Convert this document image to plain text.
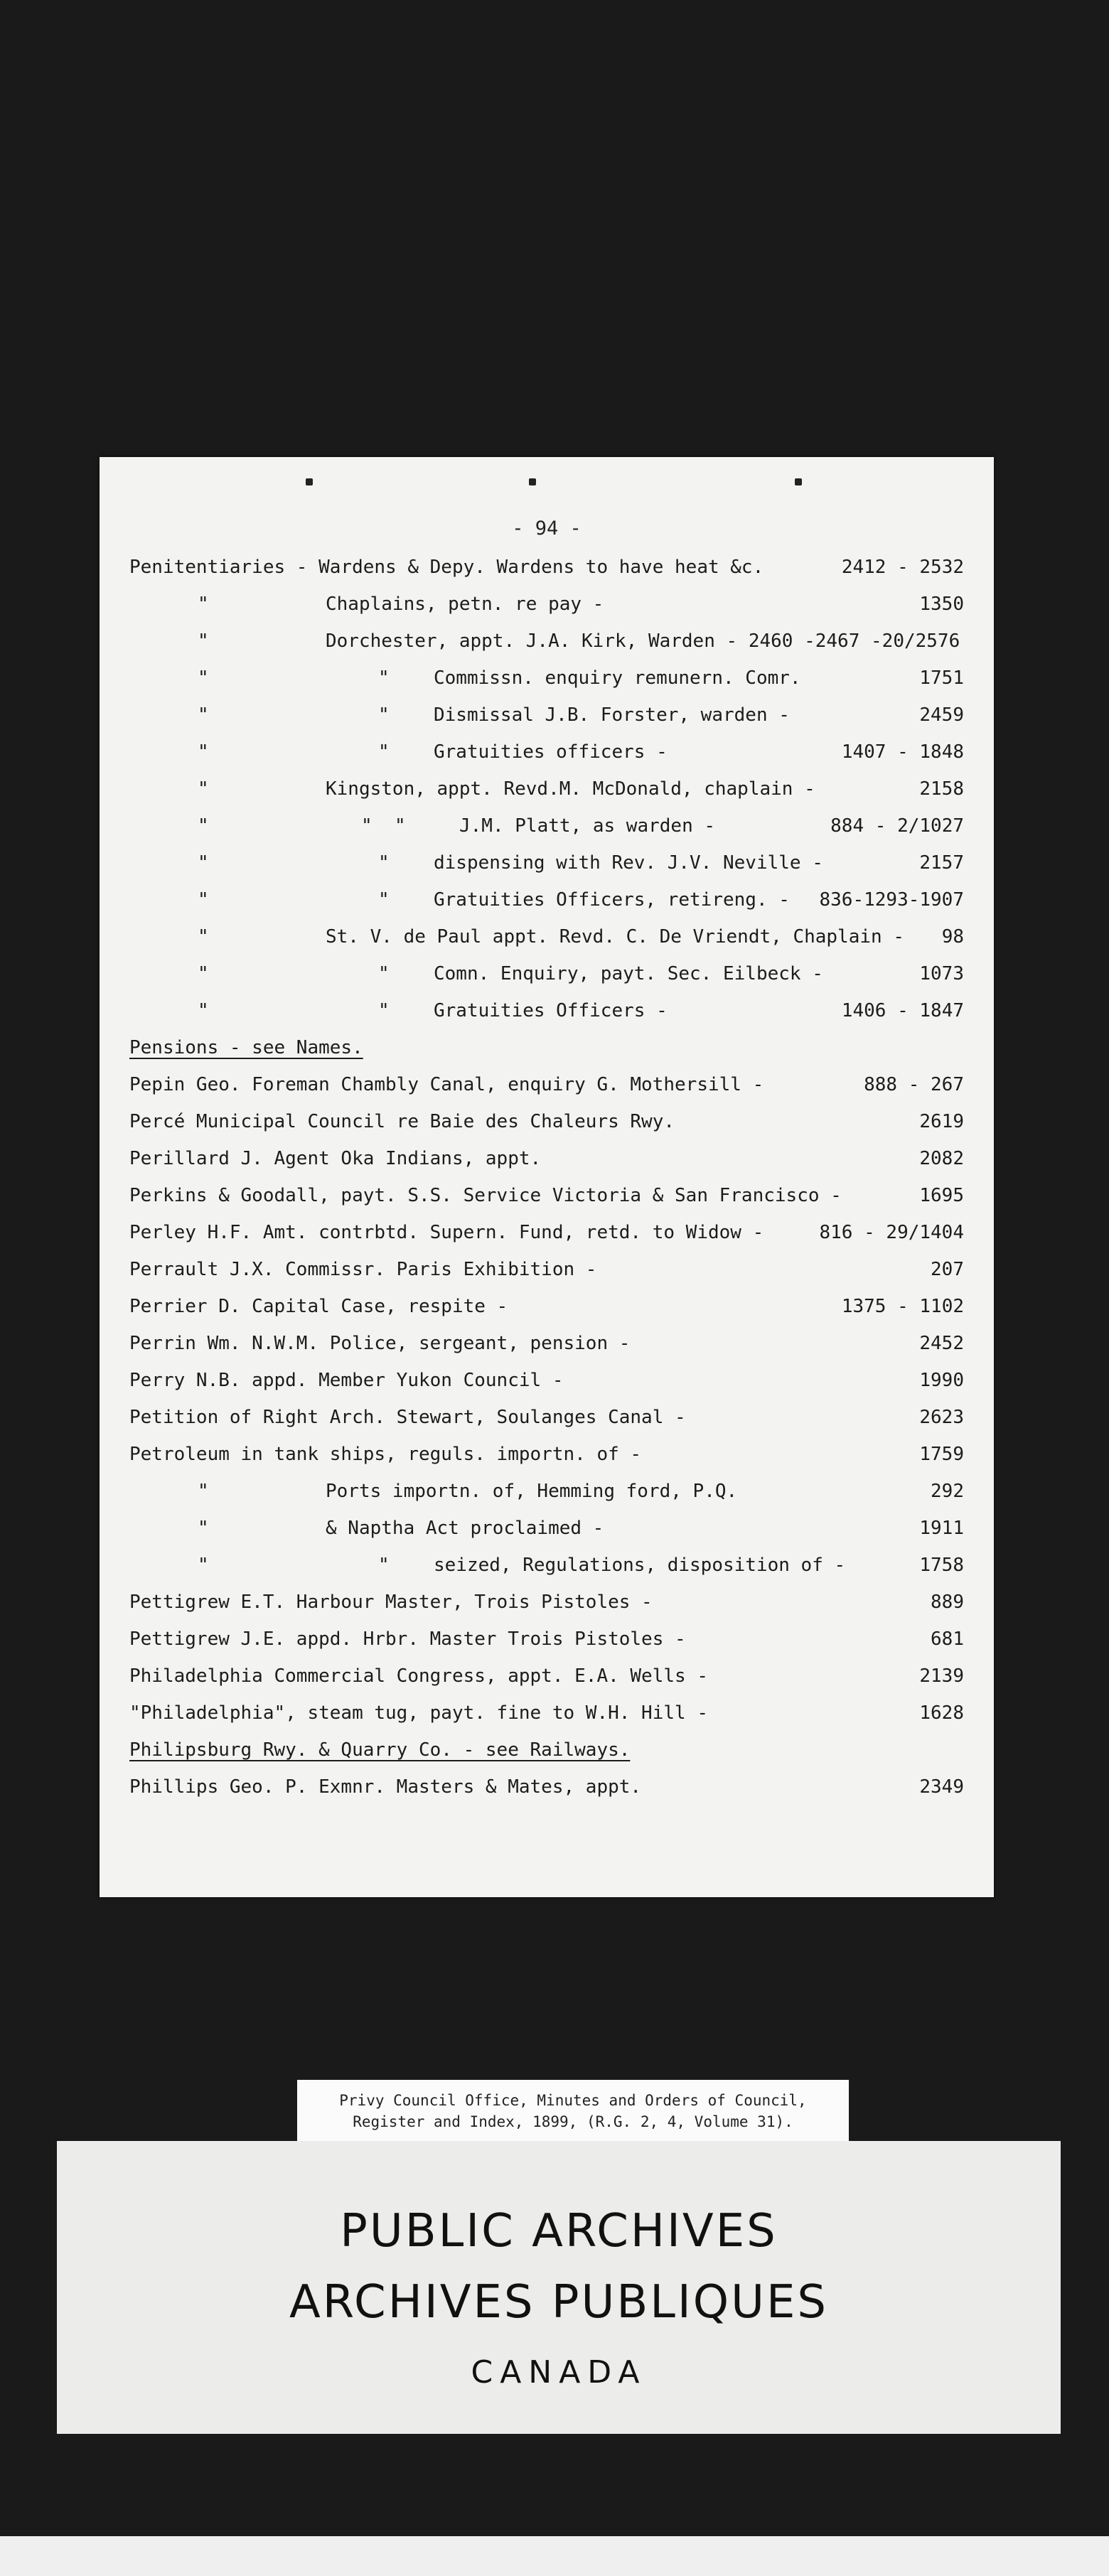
- 94 -
Penitentiaries - Wardens & Depy. Wardens to have heat &c.	2412 - 2532
"	Chaplains, petn. re pay -	1350
"	Dorchester, appt. J.A. Kirk, Warden - 2460 -2467 -20/2576
"	" Commissn. enquiry remunern. Comr.	1751
"	" Dismissal J.B. Forster, warden -	2459
"	" Gratuities officers -	1407 - 1848
"	Kingston, appt. Revd.M. McDonald, chaplain -	2158
"	"  "	J.M. Platt, as warden -	884 - 2/1027
"	" dispensing with Rev. J.V. Neville -	2157
"	" Gratuities Officers, retireng. - 836-1293-1907
"	St. V. de Paul appt. Revd. C. De Vriendt, Chaplain - 98
"	" Comn. Enquiry, payt. Sec. Eilbeck -	1073
"	" Gratuities Officers -	1406 - 1847
Pensions - see Names.
Pepin Geo. Foreman Chambly Canal, enquiry G. Mothersill -	888 - 267
Percé Municipal Council re Baie des Chaleurs Rwy.	2619
Perillard J. Agent Oka Indians, appt.	2082
Perkins & Goodall, payt. S.S. Service Victoria & San Francisco -	1695
Perley H.F. Amt. contrbtd. Supern. Fund, retd. to Widow -	816 - 29/1404
Perrault J.X. Commissr. Paris Exhibition -	207
Perrier D. Capital Case, respite -	1375 - 1102
Perrin Wm. N.W.M. Police, sergeant, pension -	2452
Perry N.B. appd. Member Yukon Council -	1990
Petition of Right Arch. Stewart, Soulanges Canal -	2623
Petroleum in tank ships, reguls. importn. of -	1759
"	Ports importn. of, Hemming ford, P.Q.	292
"	& Naptha Act proclaimed -	1911
"	" seized, Regulations, disposition of -	1758
Pettigrew E.T. Harbour Master, Trois Pistoles -	889
Pettigrew J.E. appd. Hrbr. Master Trois Pistoles -	681
Philadelphia Commercial Congress, appt. E.A. Wells -	2139
"Philadelphia", steam tug, payt. fine to W.H. Hill -	1628
Philipsburg Rwy. & Quarry Co. - see Railways.
Phillips Geo. P. Exmnr. Masters & Mates, appt.	2349
Privy Council Office, Minutes and Orders of Council,
Register and Index, 1899, (R.G. 2, 4, Volume 31).
PUBLIC ARCHIVES
ARCHIVES PUBLIQUES
CANADA
